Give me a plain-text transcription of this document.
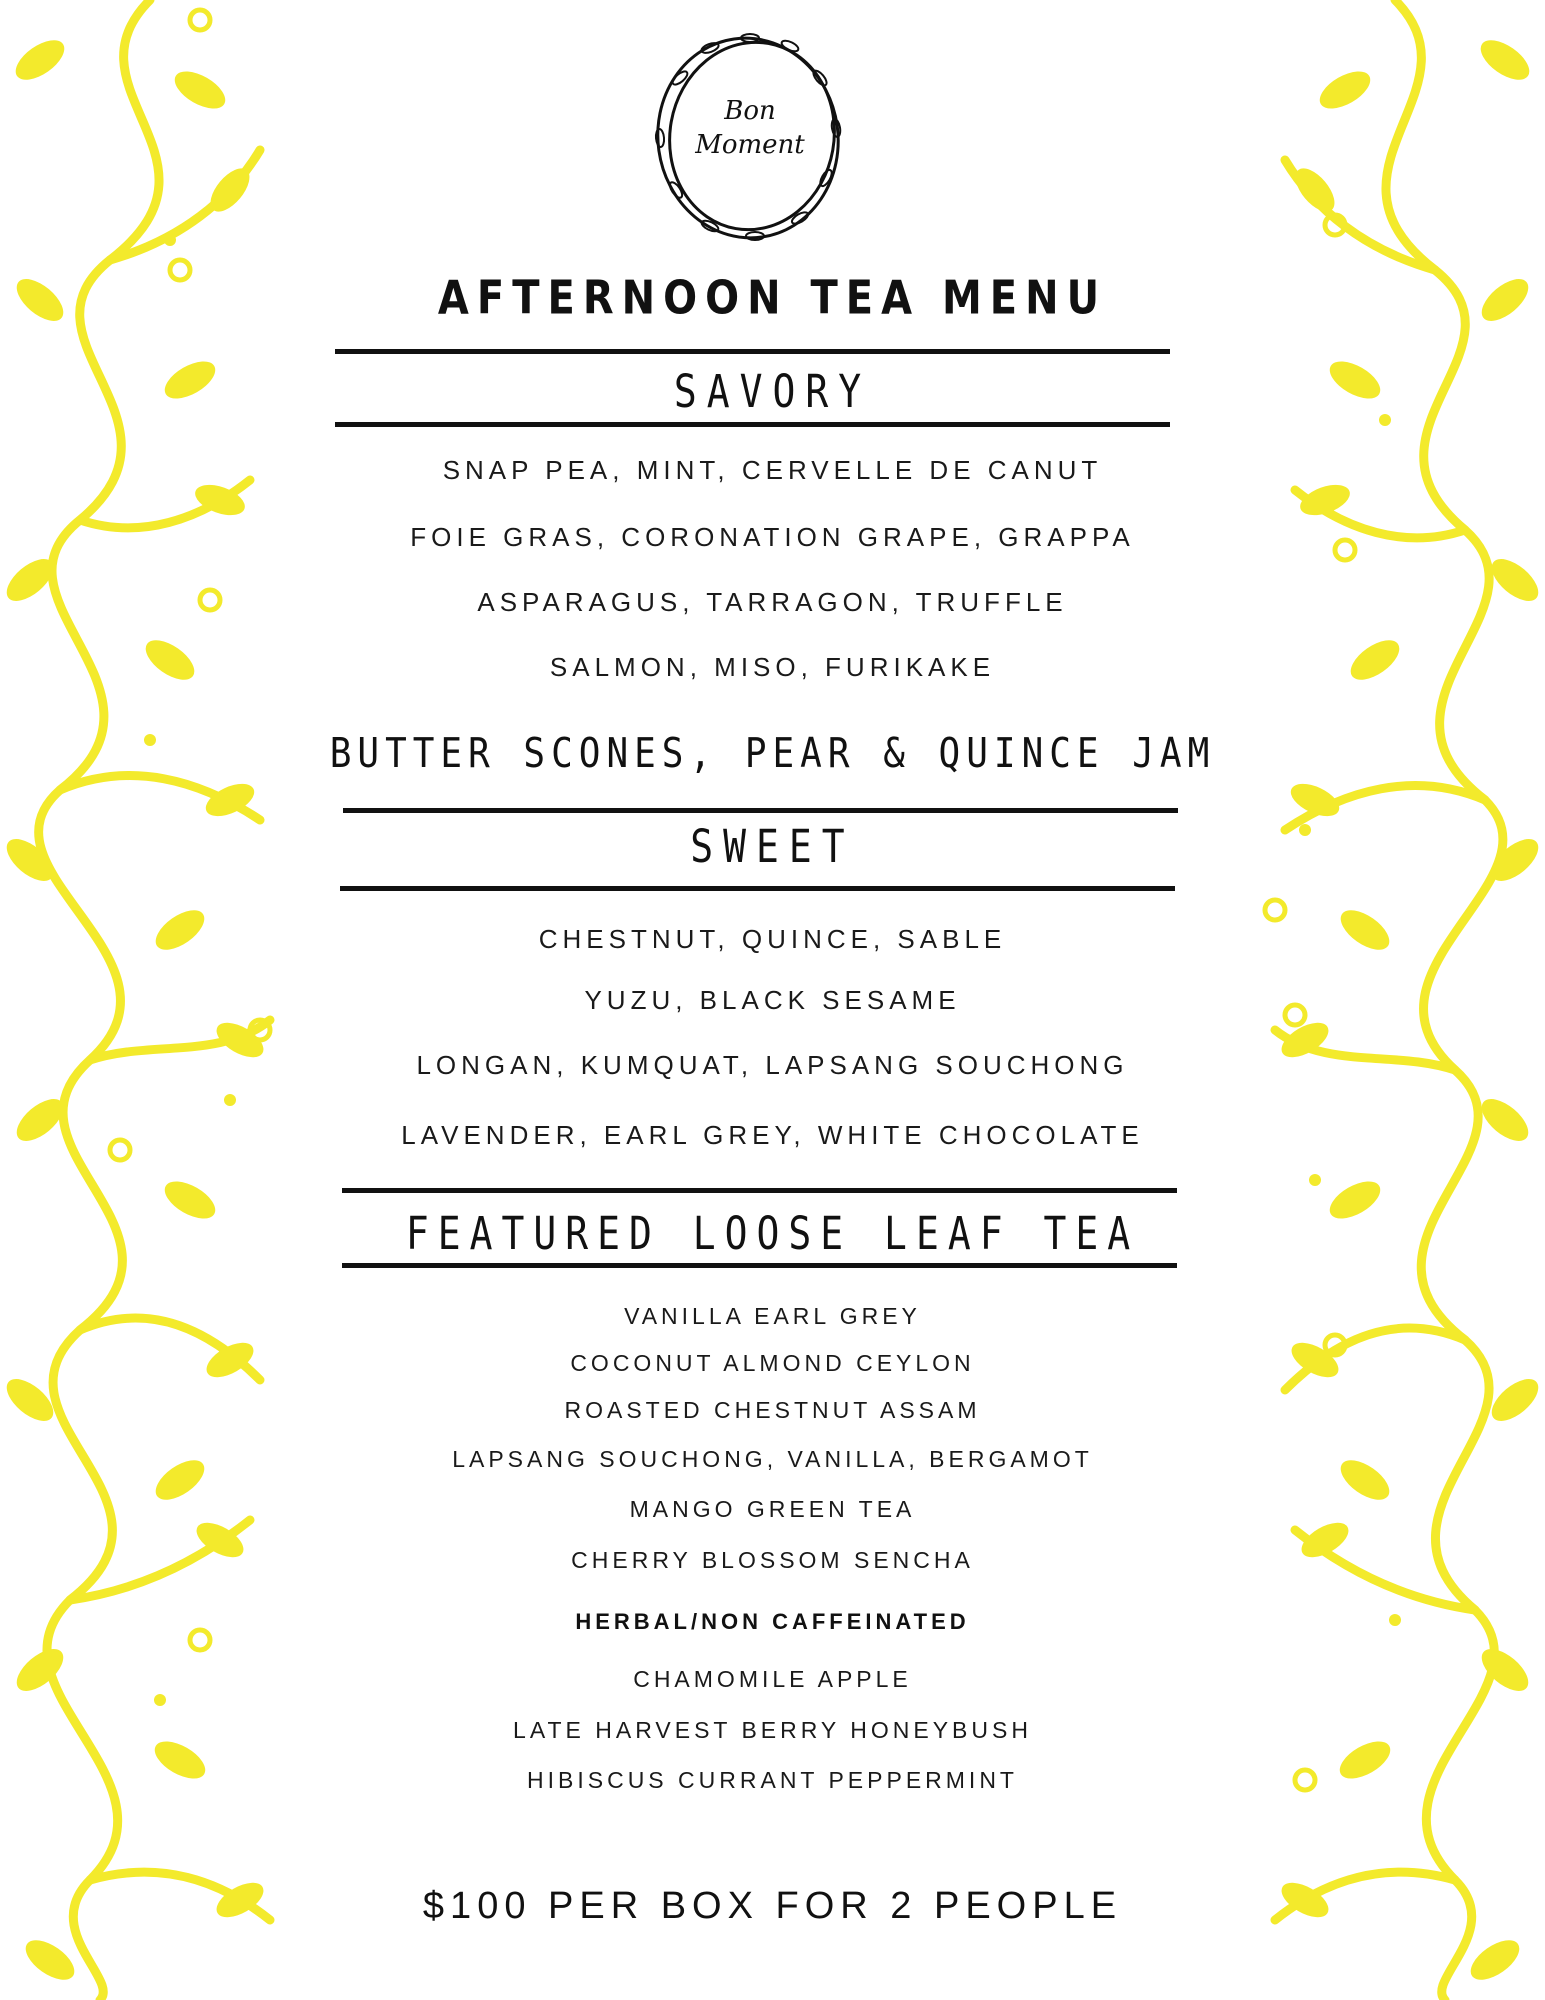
Bon
Moment
AFTERNOON TEA MENU
SAVORY
SNAP PEA, MINT, CERVELLE DE CANUT
FOIE GRAS, CORONATION GRAPE, GRAPPA
ASPARAGUS, TARRAGON, TRUFFLE
SALMON, MISO, FURIKAKE
BUTTER SCONES, PEAR & QUINCE JAM
SWEET
CHESTNUT, QUINCE, SABLE
YUZU, BLACK SESAME
LONGAN, KUMQUAT, LAPSANG SOUCHONG
LAVENDER, EARL GREY, WHITE CHOCOLATE
FEATURED LOOSE LEAF TEA
VANILLA EARL GREY
COCONUT ALMOND CEYLON
ROASTED CHESTNUT ASSAM
LAPSANG SOUCHONG, VANILLA, BERGAMOT
MANGO GREEN TEA
CHERRY BLOSSOM SENCHA
HERBAL/NON CAFFEINATED
CHAMOMILE APPLE
LATE HARVEST BERRY HONEYBUSH
HIBISCUS CURRANT PEPPERMINT
$100 PER BOX FOR 2 PEOPLE
